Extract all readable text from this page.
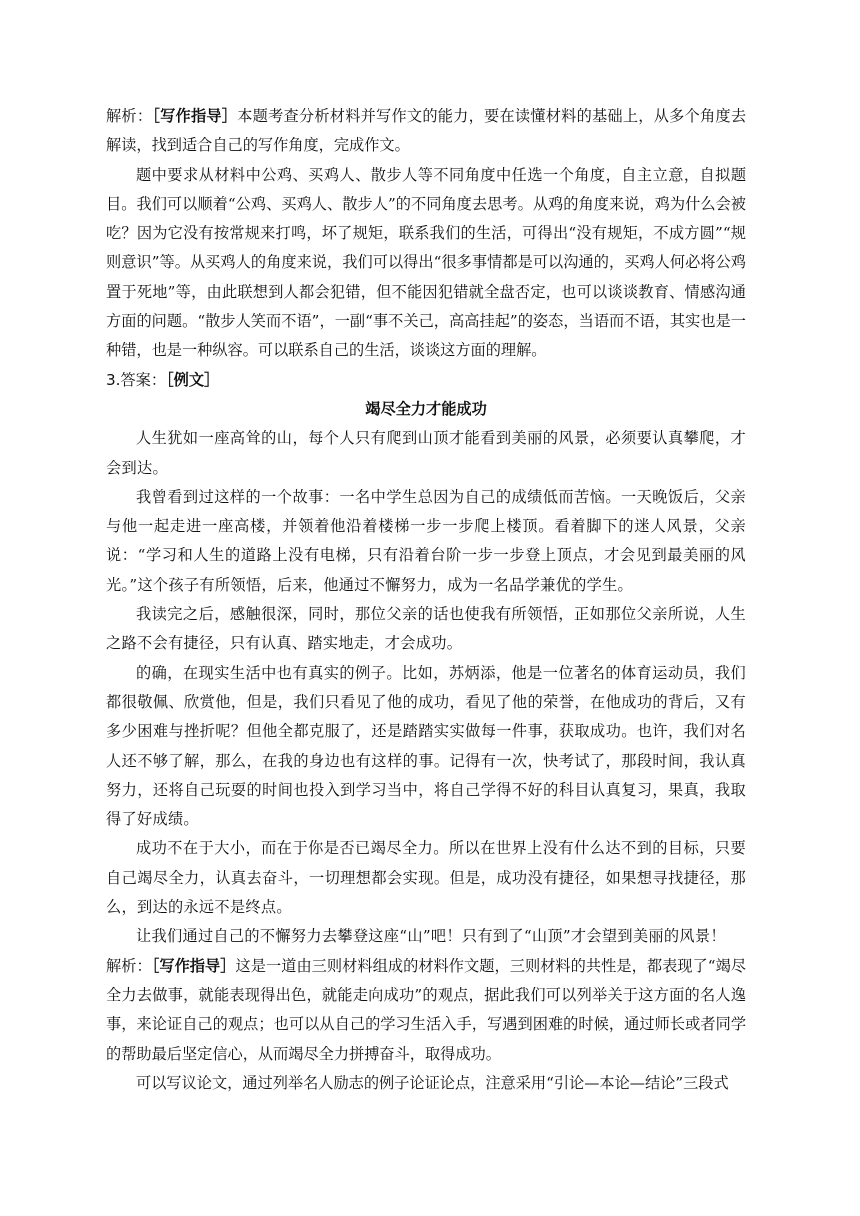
解析：［写作指导］本题考查分析材料并写作文的能力，要在读懂材料的基础上，从多个角度去解读，找到适合自己的写作角度，完成作文。

题中要求从材料中公鸡、买鸡人、散步人等不同角度中任选一个角度，自主立意，自拟题目。我们可以顺着“公鸡、买鸡人、散步人”的不同角度去思考。从鸡的角度来说，鸡为什么会被吃？因为它没有按常规来打鸣，坏了规矩，联系我们的生活，可得出“没有规矩，不成方圆”“规则意识”等。从买鸡人的角度来说，我们可以得出“很多事情都是可以沟通的，买鸡人何必将公鸡置于死地”等，由此联想到人都会犯错，但不能因犯错就全盘否定，也可以谈谈教育、情感沟通方面的问题。“散步人笑而不语”，一副“事不关己，高高挂起”的姿态，当语而不语，其实也是一种错，也是一种纵容。可以联系自己的生活，谈谈这方面的理解。

3.答案：［例文］

竭尽全力才能成功

人生犹如一座高耸的山，每个人只有爬到山顶才能看到美丽的风景，必须要认真攀爬，才会到达。

我曾看到过这样的一个故事：一名中学生总因为自己的成绩低而苦恼。一天晚饭后，父亲与他一起走进一座高楼，并领着他沿着楼梯一步一步爬上楼顶。看着脚下的迷人风景，父亲说：“学习和人生的道路上没有电梯，只有沿着台阶一步一步登上顶点，才会见到最美丽的风光。”这个孩子有所领悟，后来，他通过不懈努力，成为一名品学兼优的学生。

我读完之后，感触很深，同时，那位父亲的话也使我有所领悟，正如那位父亲所说，人生之路不会有捷径，只有认真、踏实地走，才会成功。

的确，在现实生活中也有真实的例子。比如，苏炳添，他是一位著名的体育运动员，我们都很敬佩、欣赏他，但是，我们只看见了他的成功，看见了他的荣誉，在他成功的背后，又有多少困难与挫折呢？但他全都克服了，还是踏踏实实做每一件事，获取成功。也许，我们对名人还不够了解，那么，在我的身边也有这样的事。记得有一次，快考试了，那段时间，我认真努力，还将自己玩耍的时间也投入到学习当中，将自己学得不好的科目认真复习，果真，我取得了好成绩。

成功不在于大小，而在于你是否已竭尽全力。所以在世界上没有什么达不到的目标，只要自己竭尽全力，认真去奋斗，一切理想都会实现。但是，成功没有捷径，如果想寻找捷径，那么，到达的永远不是终点。

让我们通过自己的不懈努力去攀登这座“山”吧！只有到了“山顶”才会望到美丽的风景！

解析：［写作指导］这是一道由三则材料组成的材料作文题，三则材料的共性是，都表现了“竭尽全力去做事，就能表现得出色，就能走向成功”的观点，据此我们可以列举关于这方面的名人逸事，来论证自己的观点；也可以从自己的学习生活入手，写遇到困难的时候，通过师长或者同学的帮助最后坚定信心，从而竭尽全力拼搏奋斗，取得成功。

可以写议论文，通过列举名人励志的例子论证论点，注意采用“引论—本论—结论”三段式
